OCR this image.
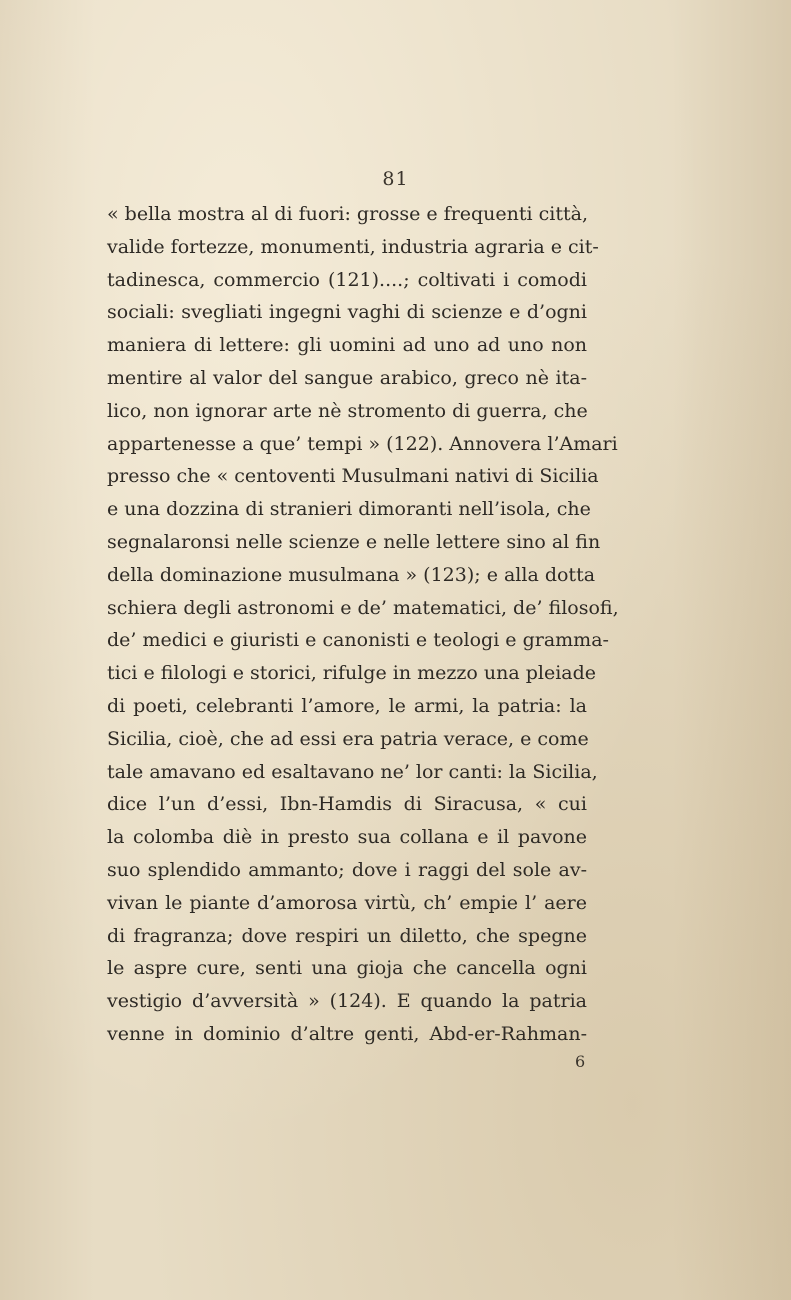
81
« bella mostra al di fuori: grosse e frequenti città,
valide fortezze, monumenti, industria agraria e cit-
tadinesca, commercio (121)....; coltivati i comodi
sociali: svegliati ingegni vaghi di scienze e d’ogni
maniera di lettere: gli uomini ad uno ad uno non
mentire al valor del sangue arabico, greco nè ita-
lico, non ignorar arte nè stromento di guerra, che
appartenesse a que’ tempi » (122). Annovera l’Amari
presso che « centoventi Musulmani nativi di Sicilia
e una dozzina di stranieri dimoranti nell’isola, che
segnalaronsi nelle scienze e nelle lettere sino al fin
della dominazione musulmana » (123); e alla dotta
schiera degli astronomi e de’ matematici, de’ filosofi,
de’ medici e giuristi e canonisti e teologi e gramma-
tici e filologi e storici, rifulge in mezzo una pleiade
di poeti, celebranti l’amore, le armi, la patria: la
Sicilia, cioè, che ad essi era patria verace, e come
tale amavano ed esaltavano ne’ lor canti: la Sicilia,
dice l’un d’essi, Ibn-Hamdis di Siracusa, « cui
la colomba diè in presto sua collana e il pavone
suo splendido ammanto; dove i raggi del sole av-
vivan le piante d’amorosa virtù, ch’ empie l’ aere
di fragranza; dove respiri un diletto, che spegne
le aspre cure, senti una gioja che cancella ogni
vestigio d’avversità » (124). E quando la patria
venne in dominio d’altre genti, Abd-er-Rahman-
6
